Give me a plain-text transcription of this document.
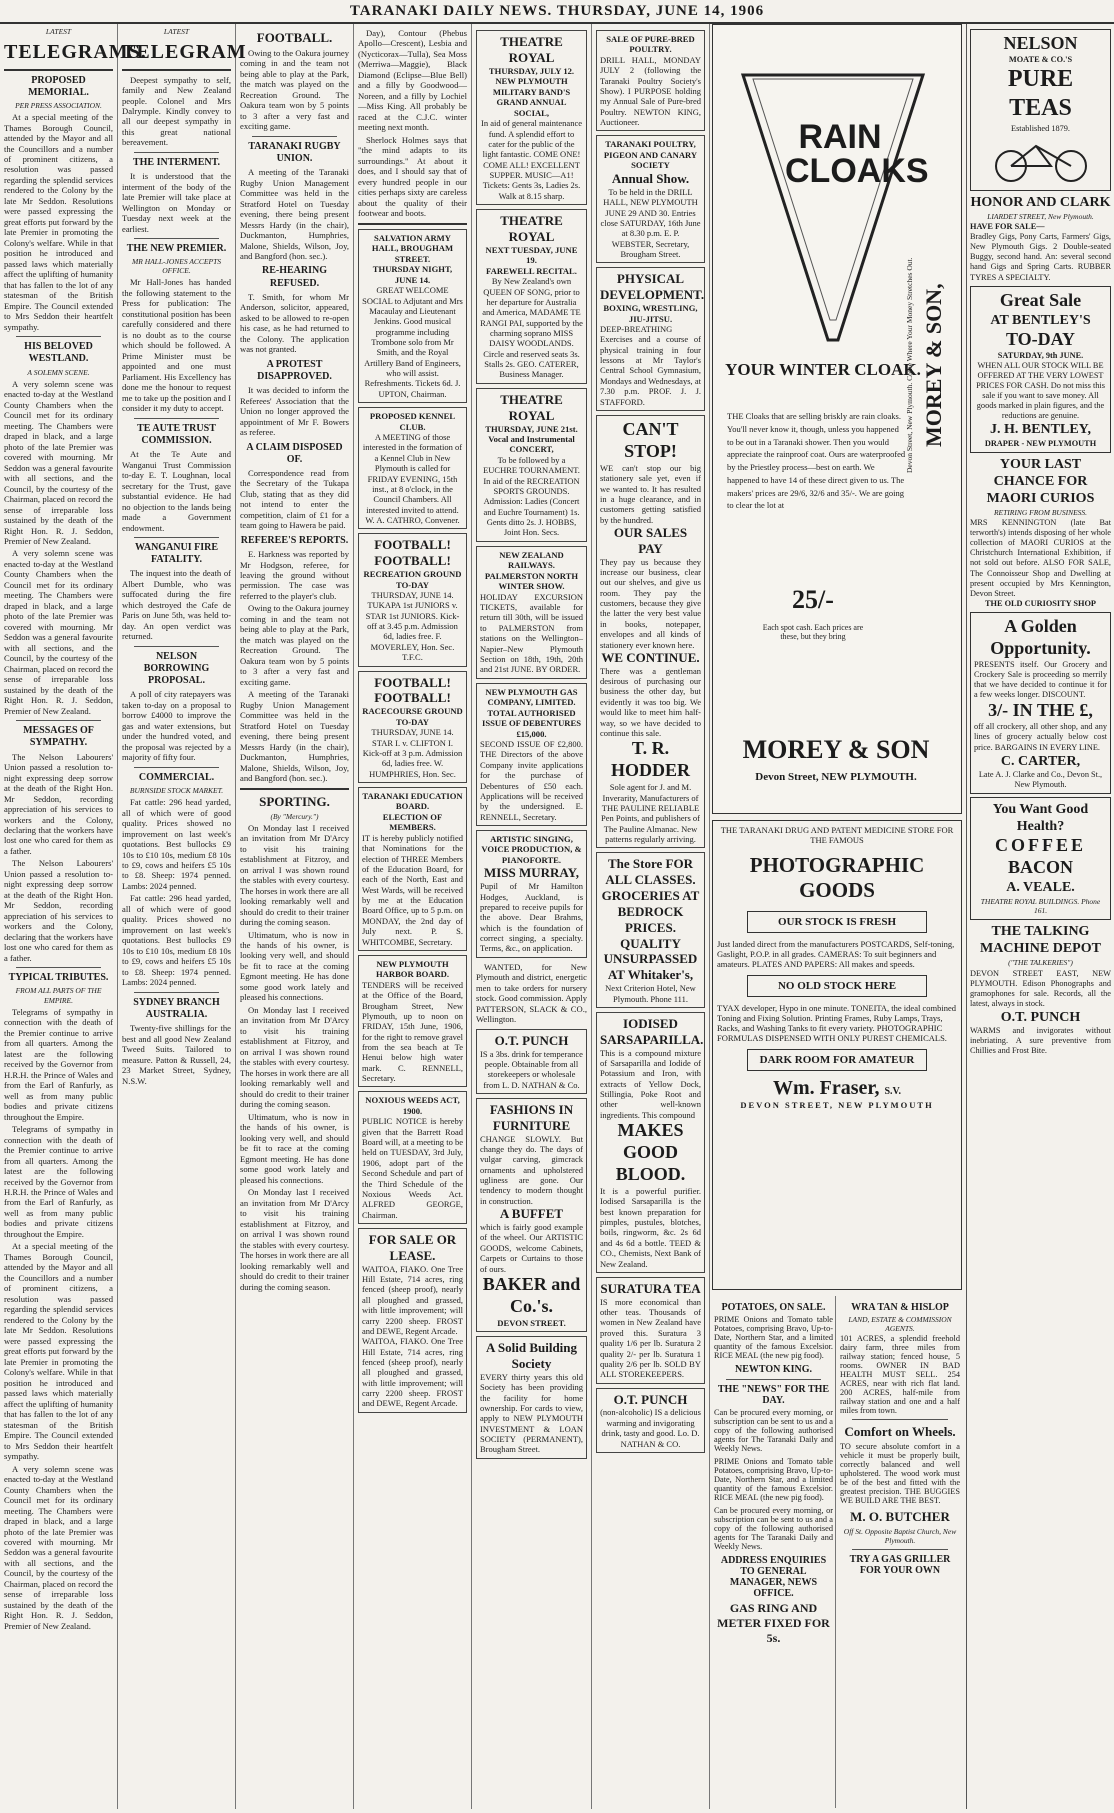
TARANAKI DAILY NEWS. THURSDAY, JUNE 14, 1906
LATEST
TELEGRAMS.
PROPOSED MEMORIAL.
PER PRESS ASSOCIATION.

At a special meeting of the Thames Borough Council, attended by the Mayor and all the Councillors and a number of prominent citizens, a resolution was passed regarding the splendid services rendered to the Colony by the late Mr Seddon. Resolutions were passed expressing the great efforts put forward by the late Premier in promoting the Colony's welfare. While in that position he introduced and passed laws which materially affect the uplifting of humanity that has fallen to the lot of any statesman of the British Empire. The Council extended to Mrs Seddon their heartfelt sympathy.

HIS BELOVED WESTLAND.
A SOLEMN SCENE.

A very solemn scene was enacted to-day at the Westland County Chambers when the Council met for its ordinary meeting. The Chambers were draped in black, and a large photo of the late Premier was covered with mourning. Mr Seddon was a general favourite with all sections, and the Council, by the courtesy of the Chairman, placed on record the sense of irreparable loss sustained by the death of the Right Hon. R. J. Seddon, Premier of New Zealand.

A very solemn scene was enacted to-day at the Westland County Chambers when the Council met for its ordinary meeting. The Chambers were draped in black, and a large photo of the late Premier was covered with mourning. Mr Seddon was a general favourite with all sections, and the Council, by the courtesy of the Chairman, placed on record the sense of irreparable loss sustained by the death of the Right Hon. R. J. Seddon, Premier of New Zealand.

MESSAGES OF SYMPATHY.

The Nelson Labourers' Union passed a resolution to-night expressing deep sorrow at the death of the Right Hon. Mr Seddon, recording appreciation of his services to workers and the Colony, declaring that the workers have lost one who cared for them as a father.

The Nelson Labourers' Union passed a resolution to-night expressing deep sorrow at the death of the Right Hon. Mr Seddon, recording appreciation of his services to workers and the Colony, declaring that the workers have lost one who cared for them as a father.

TYPICAL TRIBUTES.
FROM ALL PARTS OF THE EMPIRE.

Telegrams of sympathy in connection with the death of the Premier continue to arrive from all quarters. Among the latest are the following received by the Governor from H.R.H. the Prince of Wales and from the Earl of Ranfurly, as well as from many public bodies and private citizens throughout the Empire.

Telegrams of sympathy in connection with the death of the Premier continue to arrive from all quarters. Among the latest are the following received by the Governor from H.R.H. the Prince of Wales and from the Earl of Ranfurly, as well as from many public bodies and private citizens throughout the Empire.

At a special meeting of the Thames Borough Council, attended by the Mayor and all the Councillors and a number of prominent citizens, a resolution was passed regarding the splendid services rendered to the Colony by the late Mr Seddon. Resolutions were passed expressing the great efforts put forward by the late Premier in promoting the Colony's welfare. While in that position he introduced and passed laws which materially affect the uplifting of humanity that has fallen to the lot of any statesman of the British Empire. The Council extended to Mrs Seddon their heartfelt sympathy.

A very solemn scene was enacted to-day at the Westland County Chambers when the Council met for its ordinary meeting. The Chambers were draped in black, and a large photo of the late Premier was covered with mourning. Mr Seddon was a general favourite with all sections, and the Council, by the courtesy of the Chairman, placed on record the sense of irreparable loss sustained by the death of the Right Hon. R. J. Seddon, Premier of New Zealand.

LATEST
TELEGRAM

Deepest sympathy to self, family and New Zealand people. Colonel and Mrs Dalrymple. Kindly convey to all our deepest sympathy in this great national bereavement.

THE INTERMENT.

It is understood that the interment of the body of the late Premier will take place at Wellington on Monday or Tuesday next week at the earliest.

THE NEW PREMIER.
MR HALL-JONES ACCEPTS OFFICE.

Mr Hall-Jones has handed the following statement to the Press for publication: The constitutional position has been carefully considered and there is no doubt as to the course which should be followed. A Prime Minister must be appointed and one must Parliament. His Excellency has done me the honour to request me to take up the position and I consider it my duty to accept.

TE AUTE TRUST COMMISSION.

At the Te Aute and Wanganui Trust Commission to-day E. T. Loughnan, local secretary for the Trust, gave substantial evidence. He had no objection to the lands being made a Government endowment.

WANGANUI FIRE FATALITY.

The inquest into the death of Albert Dumble, who was suffocated during the fire which destroyed the Cafe de Paris on June 5th, was held to-day. An open verdict was returned.

NELSON BORROWING PROPOSAL.

A poll of city ratepayers was taken to-day on a proposal to borrow £4000 to improve the gas and water extensions, but under the hundred voted, and the proposal was rejected by a majority of fifty four.

COMMERCIAL.
BURNSIDE STOCK MARKET.

Fat cattle: 296 head yarded, all of which were of good quality. Prices showed no improvement on last week's quotations. Best bullocks £9 10s to £10 10s, medium £8 10s to £9, cows and heifers £5 10s to £8. Sheep: 1974 penned. Lambs: 2024 penned.

Fat cattle: 296 head yarded, all of which were of good quality. Prices showed no improvement on last week's quotations. Best bullocks £9 10s to £10 10s, medium £8 10s to £9, cows and heifers £5 10s to £8. Sheep: 1974 penned. Lambs: 2024 penned.

SYDNEY BRANCH AUSTRALIA.

Twenty-five shillings for the best and all good New Zealand Tweed Suits. Tailored to measure. Patton & Russell, 24, 23 Market Street, Sydney, N.S.W.

FOOTBALL.

Owing to the Oakura journey coming in and the team not being able to play at the Park, the match was played on the Recreation Ground. The Oakura team won by 5 points to 3 after a very fast and exciting game.

TARANAKI RUGBY UNION.

A meeting of the Taranaki Rugby Union Management Committee was held in the Stratford Hotel on Tuesday evening, there being present Messrs Hardy (in the chair), Duckmanton, Humphries, Malone, Shields, Wilson, Joy, and Bangford (hon. sec.).

RE-HEARING REFUSED.

T. Smith, for whom Mr Anderson, solicitor, appeared, asked to be allowed to re-open his case, as he had returned to the Colony. The application was not granted.

A PROTEST DISAPPROVED.

It was decided to inform the Referees' Association that the Union no longer approved the appointment of Mr F. Bowers as referee.

A CLAIM DISPOSED OF.

Correspondence read from the Secretary of the Tukapa Club, stating that as they did not intend to enter the competition, claim of £1 for a team going to Hawera be paid.

REFEREE'S REPORTS.

E. Harkness was reported by Mr Hodgson, referee, for leaving the ground without permission. The case was referred to the player's club.

Owing to the Oakura journey coming in and the team not being able to play at the Park, the match was played on the Recreation Ground. The Oakura team won by 5 points to 3 after a very fast and exciting game.

A meeting of the Taranaki Rugby Union Management Committee was held in the Stratford Hotel on Tuesday evening, there being present Messrs Hardy (in the chair), Duckmanton, Humphries, Malone, Shields, Wilson, Joy, and Bangford (hon. sec.).

SPORTING.
(By "Mercury.")

On Monday last I received an invitation from Mr D'Arcy to visit his training establishment at Fitzroy, and on arrival I was shown round the stables with every courtesy. The horses in work there are all looking remarkably well and should do credit to their trainer during the coming season.

Ultimatum, who is now in the hands of his owner, is looking very well, and should be fit to race at the coming Egmont meeting. He has done some good work lately and pleased his connections.

On Monday last I received an invitation from Mr D'Arcy to visit his training establishment at Fitzroy, and on arrival I was shown round the stables with every courtesy. The horses in work there are all looking remarkably well and should do credit to their trainer during the coming season.

Ultimatum, who is now in the hands of his owner, is looking very well, and should be fit to race at the coming Egmont meeting. He has done some good work lately and pleased his connections.

On Monday last I received an invitation from Mr D'Arcy to visit his training establishment at Fitzroy, and on arrival I was shown round the stables with every courtesy. The horses in work there are all looking remarkably well and should do credit to their trainer during the coming season.

Day), Contour (Phebus Apollo—Crescent), Lesbia and (Nycticorax—Tulla), Sea Moss (Merriwa—Maggie), Black Diamond (Eclipse—Blue Bell) and a filly by Goodwood—Noreen, and a filly by Lochiel—Miss King. All probably be raced at the C.J.C. winter meeting next month.

Sherlock Holmes says that "the mind adapts to its surroundings." At about it does, and I should say that of every hundred people in our cities perhaps sixty are careless about the quality of their footwear and boots.

SALVATION ARMY HALL, BROUGHAM STREET.
THURSDAY NIGHT, JUNE 14.
GREAT WELCOME SOCIAL to Adjutant and Mrs Macaulay and Lieutenant Jenkins. Good musical programme including Trombone solo from Mr Smith, and the Royal Artillery Band of Engineers, who will assist. Refreshments. Tickets 6d. J. UPTON, Chairman.
PROPOSED KENNEL CLUB.
A MEETING of those interested in the formation of a Kennel Club in New Plymouth is called for FRIDAY EVENING, 15th inst., at 8 o'clock, in the Council Chambers. All interested invited to attend. W. A. CATHRO, Convener.
FOOTBALL! FOOTBALL!
RECREATION GROUND TO-DAY
THURSDAY, JUNE 14. TUKAPA 1st JUNIORS v. STAR 1st JUNIORS. Kick-off at 3.45 p.m. Admission 6d, ladies free. F. MOVERLEY, Hon. Sec. T.F.C.
FOOTBALL! FOOTBALL!
RACECOURSE GROUND TO-DAY
THURSDAY, JUNE 14. STAR I. v. CLIFTON I. Kick-off at 3 p.m. Admission 6d, ladies free. W. HUMPHRIES, Hon. Sec.
TARANAKI EDUCATION BOARD.
ELECTION OF MEMBERS.
IT is hereby publicly notified that Nominations for the election of THREE Members of the Education Board, for each of the North, East and West Wards, will be received by me at the Education Board Office, up to 5 p.m. on MONDAY, the 2nd day of July next. P. S. WHITCOMBE, Secretary.
NEW PLYMOUTH HARBOR BOARD.
TENDERS will be received at the Office of the Board, Brougham Street, New Plymouth, up to noon on FRIDAY, 15th June, 1906, for the right to remove gravel from the sea beach at Te Henui below high water mark. C. RENNELL, Secretary.
NOXIOUS WEEDS ACT, 1900.
PUBLIC NOTICE is hereby given that the Barrett Road Board will, at a meeting to be held on TUESDAY, 3rd July, 1906, adopt part of the Second Schedule and part of the Third Schedule of the Noxious Weeds Act. ALFRED GEORGE, Chairman.
FOR SALE OR LEASE.
WAITOA, FIAKO. One Tree Hill Estate, 714 acres, ring fenced (sheep proof), nearly all ploughed and grassed, with little improvement; will carry 2200 sheep. FROST and DEWE, Regent Arcade.
WAITOA, FIAKO. One Tree Hill Estate, 714 acres, ring fenced (sheep proof), nearly all ploughed and grassed, with little improvement; will carry 2200 sheep. FROST and DEWE, Regent Arcade.
THEATRE ROYAL
THURSDAY, JULY 12.
NEW PLYMOUTH MILITARY BAND'S GRAND ANNUAL SOCIAL,
In aid of general maintenance fund. A splendid effort to cater for the public of the light fantastic. COME ONE! COME ALL! EXCELLENT SUPPER. MUSIC—A1! Tickets: Gents 3s, Ladies 2s. Walk at 8.15 sharp.
THEATRE ROYAL
NEXT TUESDAY, JUNE 19.
FAREWELL RECITAL.
By New Zealand's own QUEEN OF SONG, prior to her departure for Australia and America, MADAME TE RANGI PAI, supported by the charming soprano MISS DAISY WOODLANDS. Circle and reserved seats 3s. Stalls 2s. GEO. CATERER, Business Manager.
THEATRE ROYAL
THURSDAY, JUNE 21st.
Vocal and Instrumental CONCERT,
To be followed by a EUCHRE TOURNAMENT. In aid of the RECREATION SPORTS GROUNDS. Admission: Ladies (Concert and Euchre Tournament) 1s. Gents ditto 2s. J. HOBBS, Joint Hon. Secs.
NEW ZEALAND RAILWAYS.
PALMERSTON NORTH WINTER SHOW.
HOLIDAY EXCURSION TICKETS, available for return till 30th, will be issued to PALMERSTON from stations on the Wellington–Napier–New Plymouth Section on 18th, 19th, 20th and 21st JUNE. BY ORDER.
NEW PLYMOUTH GAS COMPANY, LIMITED.
TOTAL AUTHORISED ISSUE OF DEBENTURES £15,000.
SECOND ISSUE OF £2,800. THE Directors of the above Company invite applications for the purchase of Debentures of £50 each. Applications will be received by the undersigned. E. RENNELL, Secretary.
ARTISTIC SINGING, VOICE PRODUCTION, & PIANOFORTE.
MISS MURRAY,
Pupil of Mr Hamilton Hodges, Auckland, is prepared to receive pupils for the above. Dear Brahms, which is the foundation of correct singing, a specialty. Terms, &c., on application.

WANTED, for New Plymouth and district, energetic men to take orders for nursery stock. Good commission. Apply PATTERSON, SLACK & CO., Wellington.

O.T. PUNCH
IS a 3bs. drink for temperance people. Obtainable from all storekeepers or wholesale from L. D. NATHAN & Co.
FASHIONS IN FURNITURE
CHANGE SLOWLY. But change they do. The days of vulgar carving, gimcrack ornaments and upholstered ugliness are gone. Our tendency to modern thought in construction.
A BUFFET
which is fairly good example of the wheel. Our ARTISTIC GOODS, welcome Cabinets, Carpets or Curtains to those of ours.
BAKER and Co.'s.
DEVON STREET.
A Solid Building Society
EVERY thirty years this old Society has been providing the facility for home ownership. For cards to view, apply to NEW PLYMOUTH INVESTMENT & LOAN SOCIETY (PERMANENT), Brougham Street.
SALE OF PURE-BRED POULTRY.
DRILL HALL, MONDAY JULY 2 (following the Taranaki Poultry Society's Show). I PURPOSE holding my Annual Sale of Pure-bred Poultry. NEWTON KING, Auctioneer.
TARANAKI POULTRY, PIGEON AND CANARY SOCIETY
Annual Show.
To be held in the DRILL HALL, NEW PLYMOUTH JUNE 29 AND 30. Entries close SATURDAY, 16th June at 8.30 p.m. E. P. WEBSTER, Secretary, Brougham Street.
PHYSICAL DEVELOPMENT.
BOXING, WRESTLING, JIU-JITSU.
DEEP-BREATHING Exercises and a course of physical training in four lessons at Mr Taylor's Central School Gymnasium, Mondays and Wednesdays, at 7.30 p.m. PROF. J. J. STAFFORD.
CAN'T STOP!
WE can't stop our big stationery sale yet, even if we wanted to. It has resulted in a huge clearance, and in customers getting satisfied by the hundred.
OUR SALES PAY
They pay us because they increase our business, clear out our shelves, and give us room. They pay the customers, because they give the latter the very best value in books, notepaper, envelopes and all kinds of stationery ever known here.
WE CONTINUE.
There was a gentleman desirous of purchasing our business the other day, but evidently it was too big. We would like to meet him half-way, so we have decided to continue this sale.
T. R. HODDER
Sole agent for J. and M. Inverarity, Manufacturers of THE PAULINE RELIABLE Pen Points, and publishers of The Pauline Almanac. New patterns regularly arriving.
The Store FOR ALL CLASSES.
GROCERIES AT BEDROCK PRICES.
QUALITY UNSURPASSED AT Whitaker's,
Next Criterion Hotel, New Plymouth. Phone 111.
IODISED SARSAPARILLA.
This is a compound mixture of Sarsaparilla and Iodide of Potassium and Iron, with extracts of Yellow Dock, Stillingia, Poke Root and other well-known ingredients. This compound
MAKES GOOD BLOOD.
It is a powerful purifier. Iodised Sarsaparilla is the best known preparation for pimples, pustules, blotches, boils, ringworm, &c. 2s 6d and 4s 6d a bottle. TEED & CO., Chemists, Next Bank of New Zealand.
SURATURA TEA
IS more economical than other teas. Thousands of women in New Zealand have proved this. Suratura 3 quality 1/6 per lb. Suratura 2 quality 2/- per lb. Suratura 1 quality 2/6 per lb. SOLD BY ALL STOREKEEPERS.
O.T. PUNCH
(non-alcoholic) IS a delicious warming and invigorating drink, tasty and good. Lo. D. NATHAN & CO.
RAIN CLOAKS
MOREY & SON,
Devon Street, New Plymouth. Come Where Your Money Stretches Out.
YOUR WINTER CLOAK.
THE Cloaks that are selling briskly are rain cloaks. You'll never know it, though, unless you happened to be out in a Taranaki shower. Then you would appreciate the rainproof coat. Ours are waterproofed by the Priestley process—best on earth. We happened to have 14 of these direct given to us. The makers' prices are 29/6, 32/6 and 35/-. We are going to clear the lot at
25/-
Each spot cash. Each prices are these, but they bring
MOREY & SON
Devon Street, NEW PLYMOUTH.
THE TARANAKI DRUG AND PATENT MEDICINE STORE FOR THE FAMOUS
PHOTOGRAPHIC GOODS
OUR STOCK IS FRESH
Just landed direct from the manufacturers POSTCARDS, Self-toning, Gaslight, P.O.P. in all grades. CAMERAS: To suit beginners and amateurs. PLATES AND PAPERS: All makes and speeds.
NO OLD STOCK HERE
TYAX developer, Hypo in one minute. TONEITA, the ideal combined Toning and Fixing Solution. Printing Frames, Ruby Lamps, Trays, Racks, and Washing Tanks to fit every variety. PHOTOGRAPHIC FORMULAS DISPENSED WITH ONLY PUREST CHEMICALS.
DARK ROOM FOR AMATEUR
Wm. Fraser, S.V.
DEVON STREET, NEW PLYMOUTH
POTATOES, ON SALE.
PRIME Onions and Tomato table Potatoes, comprising Bravo, Up-to-Date, Northern Star, and a limited quantity of the famous Excelsior. RICE MEAL (the new pig food).
NEWTON KING.
THE "NEWS" FOR THE DAY.
Can be procured every morning, or subscription can be sent to us and a copy of the following authorised agents for The Taranaki Daily and Weekly News.
PRIME Onions and Tomato table Potatoes, comprising Bravo, Up-to-Date, Northern Star, and a limited quantity of the famous Excelsior. RICE MEAL (the new pig food).
Can be procured every morning, or subscription can be sent to us and a copy of the following authorised agents for The Taranaki Daily and Weekly News.
ADDRESS ENQUIRIES TO GENERAL MANAGER, NEWS OFFICE.
GAS RING AND METER FIXED FOR 5s.
WRA TAN & HISLOP
LAND, ESTATE & COMMISSION AGENTS.
101 ACRES, a splendid freehold dairy farm, three miles from railway station; fenced house, 5 rooms. OWNER IN BAD HEALTH MUST SELL. 254 ACRES, near with rich flat land. 200 ACRES, half-mile from railway station and one and a half miles from town.
Comfort on Wheels.
TO secure absolute comfort in a vehicle it must be properly built, correctly balanced and well upholstered. The wood work must be of the best and fitted with the greatest precision. THE BUGGIES WE BUILD ARE THE BEST.
M. O. BUTCHER
Off St. Opposite Baptist Church, New Plymouth.
TRY A GAS GRILLER FOR YOUR OWN
NELSON
MOATE & CO.'S
PURE TEAS
Established 1879.
HONOR AND CLARK
LIARDET STREET, New Plymouth.
HAVE FOR SALE—
Bradley Gigs, Pony Carts, Farmers' Gigs, New Plymouth Gigs. 2 Double-seated Buggy, second hand. An: several second hand Gigs and Spring Carts. RUBBER TYRES A SPECIALTY.
Great Sale
AT BENTLEY'S
TO-DAY
SATURDAY, 9th JUNE.
WHEN ALL OUR STOCK WILL BE OFFERED AT THE VERY LOWEST PRICES FOR CASH. Do not miss this sale if you want to save money. All goods marked in plain figures, and the reductions are genuine.
J. H. BENTLEY,
DRAPER - NEW PLYMOUTH
YOUR LAST CHANCE FOR MAORI CURIOS
RETIRING FROM BUSINESS.
MRS KENNINGTON (late Bat terworth's) intends disposing of her whole collection of MAORI CURIOS at the Christchurch International Exhibition, if not sold out before. ALSO FOR SALE, The Connoisseur Shop and Dwelling at present occupied by Mrs Kennington, Devon Street.
THE OLD CURIOSITY SHOP
A Golden Opportunity.
PRESENTS itself. Our Grocery and Crockery Sale is proceeding so merrily that we have decided to continue it for a few weeks longer. DISCOUNT.
3/- IN THE £,
off all crockery, all other shop, and any lines of grocery actually below cost price. BARGAINS IN EVERY LINE.
C. CARTER,
Late A. J. Clarke and Co., Devon St., New Plymouth.
You Want Good Health?
COFFEE
BACON
A. VEALE.
THEATRE ROYAL BUILDINGS. Phone 161.
THE TALKING MACHINE DEPOT
("THE TALKERIES")
DEVON STREET EAST, NEW PLYMOUTH. Edison Phonographs and gramophones for sale. Records, all the latest, always in stock.
O.T. PUNCH
WARMS and invigorates without inebriating. A sure preventive from Chillies and Frost Bite.
